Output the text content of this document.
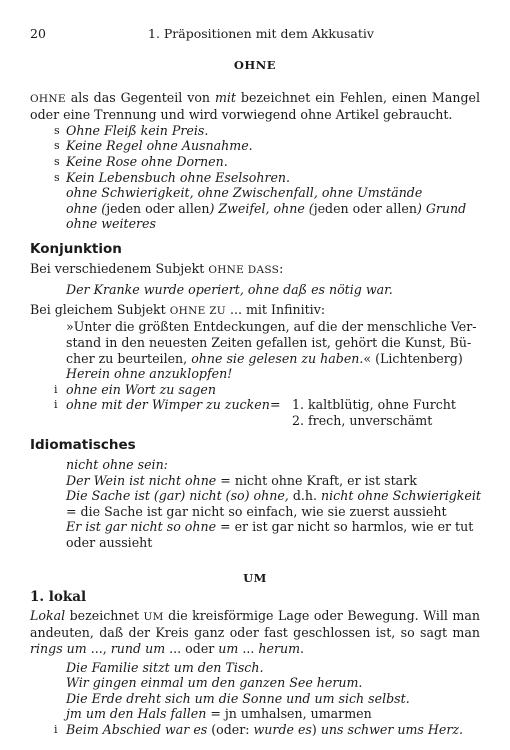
20	1. Präpositionen mit dem Akkusativ
OHNE

OHNE als das Gegenteil von mit bezeichnet ein Fehlen, einen Mangel oder eine Trennung und wird vorwiegend ohne Artikel gebraucht.

s Ohne Fleiß kein Preis.
s Keine Regel ohne Ausnahme.
s Keine Rose ohne Dornen.
s Kein Lebensbuch ohne Eselsohren.
ohne Schwierigkeit, ohne Zwischenfall, ohne Umstände
ohne (jeden oder allen) Zweifel, ohne (jeden oder allen) Grund
ohne weiteres
Konjunktion

Bei verschiedenem Subjekt OHNE DASS:

Der Kranke wurde operiert, ohne daß es nötig war.

Bei gleichem Subjekt OHNE ZU ... mit Infinitiv:

»Unter die größten Entdeckungen, auf die der menschliche Ver-
stand in den neuesten Zeiten gefallen ist, gehört die Kunst, Bü-
cher zu beurteilen, ohne sie gelesen zu haben.« (Lichtenberg)
Herein ohne anzuklopfen!
i ohne ein Wort zu sagen
i ohne mit der Wimper zu zucken = 1. kaltblütig, ohne Furcht
2. frech, unverschämt
Idiomatisches
nicht ohne sein:
Der Wein ist nicht ohne = nicht ohne Kraft, er ist stark
Die Sache ist (gar) nicht (so) ohne, d.h. nicht ohne Schwierigkeit
= die Sache ist gar nicht so einfach, wie sie zuerst aussieht
Er ist gar nicht so ohne = er ist gar nicht so harmlos, wie er tut
oder aussieht
UM
1. lokal

Lokal bezeichnet UM die kreisförmige Lage oder Bewegung. Will man andeuten, daß der Kreis ganz oder fast geschlossen ist, so sagt man rings um ..., rund um ... oder um ... herum.

Die Familie sitzt um den Tisch.
Wir gingen einmal um den ganzen See herum.
Die Erde dreht sich um die Sonne und um sich selbst.
jm um den Hals fallen = jn umhalsen, umarmen
i Beim Abschied war es (oder: wurde es) uns schwer ums Herz.
